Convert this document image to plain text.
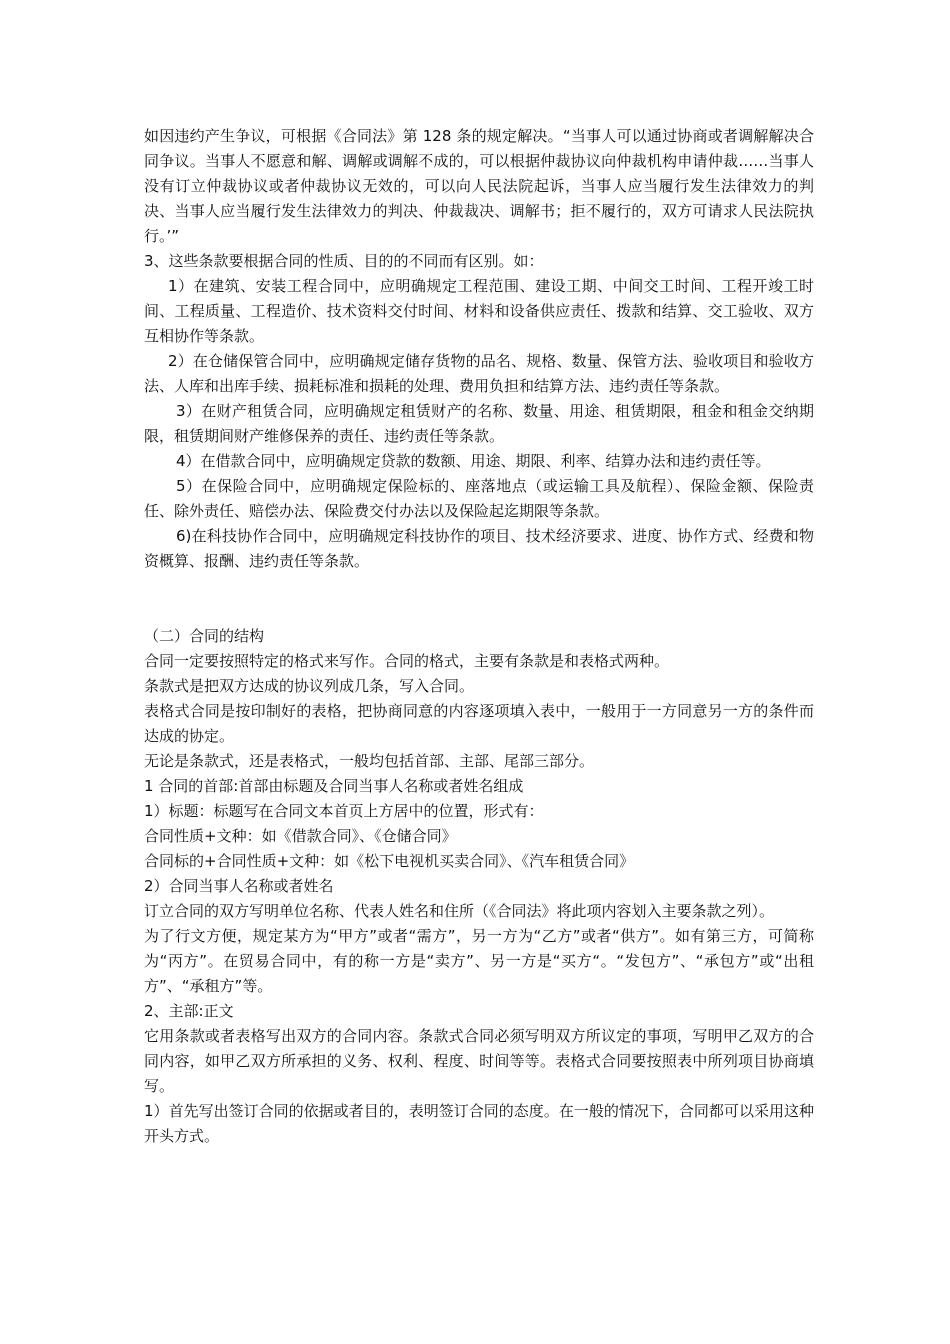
如因违约产生争议，可根据《合同法》第 128 条的规定解决。“当事人可以通过协商或者调解解决合同争议。当事人不愿意和解、调解或调解不成的，可以根据仲裁协议向仲裁机构申请仲裁……当事人没有订立仲裁协议或者仲裁协议无效的，可以向人民法院起诉，当事人应当履行发生法律效力的判决、当事人应当履行发生法律效力的判决、仲裁裁决、调解书；拒不履行的，双方可请求人民法院执行。’”

3、这些条款要根据合同的性质、目的的不同而有区别。如：

1）在建筑、安装工程合同中，应明确规定工程范围、建设工期、中间交工时间、工程开竣工时间、工程质量、工程造价、技术资料交付时间、材料和设备供应责任、拨款和结算、交工验收、双方互相协作等条款。

2）在仓储保管合同中，应明确规定储存货物的品名、规格、数量、保管方法、验收项目和验收方法、人库和出库手续、损耗标准和损耗的处理、费用负担和结算方法、违约责任等条款。

3）在财产租赁合同，应明确规定租赁财产的名称、数量、用途、租赁期限，租金和租金交纳期限，租赁期间财产维修保养的责任、违约责任等条款。

4）在借款合同中，应明确规定贷款的数额、用途、期限、利率、结算办法和违约责任等。

5）在保险合同中，应明确规定保险标的、座落地点（或运输工具及航程）、保险金额、保险责任、除外责任、赔偿办法、保险费交付办法以及保险起迄期限等条款。

6)在科技协作合同中，应明确规定科技协作的项目、技术经济要求、进度、协作方式、经费和物资概算、报酬、违约责任等条款。

（二）合同的结构

合同一定要按照特定的格式来写作。合同的格式，主要有条款是和表格式两种。

条款式是把双方达成的协议列成几条，写入合同。

表格式合同是按印制好的表格，把协商同意的内容逐项填入表中，一般用于一方同意另一方的条件而达成的协定。

无论是条款式，还是表格式，一般均包括首部、主部、尾部三部分。

1 合同的首部:首部由标题及合同当事人名称或者姓名组成

1）标题：标题写在合同文本首页上方居中的位置，形式有：

合同性质+文种：如《借款合同》、《仓储合同》

合同标的+合同性质+文种：如《松下电视机买卖合同》、《汽车租赁合同》

2）合同当事人名称或者姓名

订立合同的双方写明单位名称、代表人姓名和住所（《合同法》将此项内容划入主要条款之列）。

为了行文方便，规定某方为“甲方”或者“需方”，另一方为“乙方”或者“供方”。如有第三方，可简称为“丙方”。在贸易合同中，有的称一方是“卖方”、另一方是“买方“。“发包方”、“承包方”或“出租方”、“承租方”等。

2、主部:正文

它用条款或者表格写出双方的合同内容。条款式合同必须写明双方所议定的事项，写明甲乙双方的合同内容，如甲乙双方所承担的义务、权利、程度、时间等等。表格式合同要按照表中所列项目协商填写。

1）首先写出签订合同的依据或者目的，表明签订合同的态度。在一般的情况下，合同都可以采用这种开头方式。
